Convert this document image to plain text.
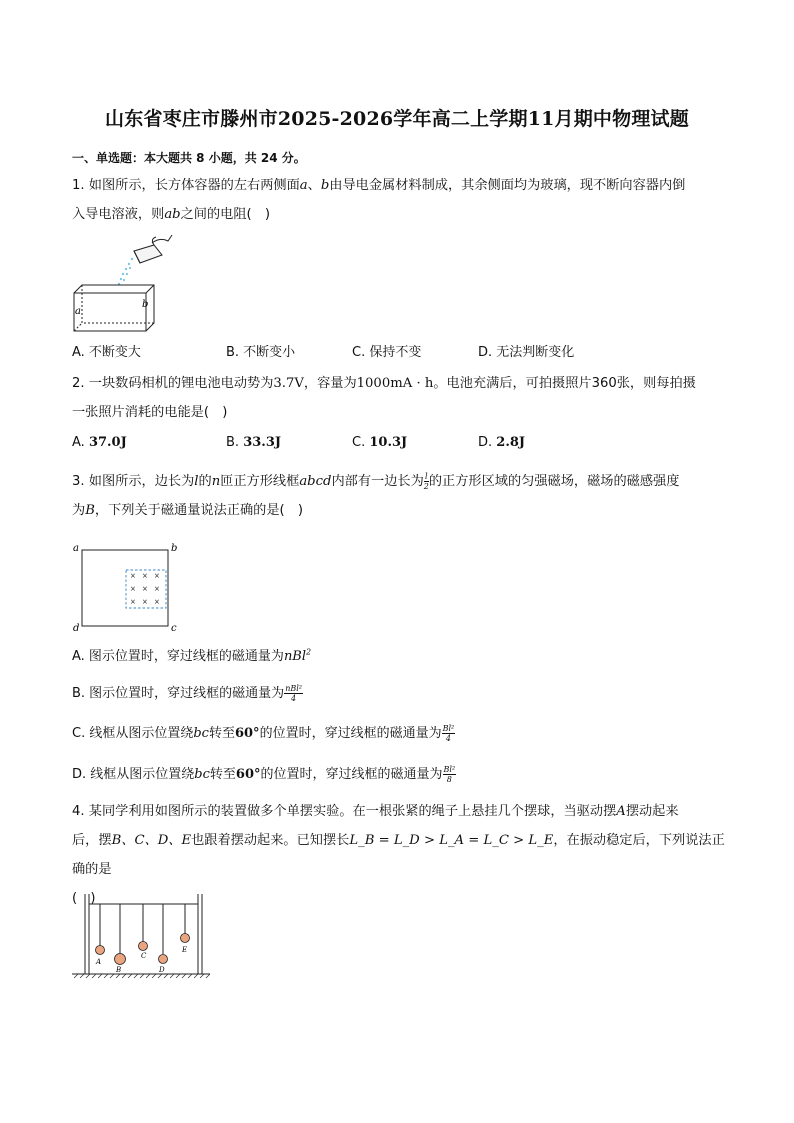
山东省枣庄市滕州市2025-2026学年高二上学期11月期中物理试题
一、单选题：本大题共 8 小题，共 24 分。
1. 如图所示，长方体容器的左右两侧面a、b由导电金属材料制成，其余侧面均为玻璃，现不断向容器内倒
入导电溶液，则ab之间的电阻(　)
a
b
A. 不断变大	B. 不断变小	C. 保持不变	D. 无法判断变化
2. 一块数码相机的锂电池电动势为3.7V，容量为1000mA · h。电池充满后，可拍摄照片360张，则每拍摄
一张照片消耗的电能是(　)
A. 37.0J	B. 33.3J	C. 10.3J	D. 2.8J
3. 如图所示，边长为l的n匝正方形线框abcd内部有一边长为 $\frac{l}{2}$ 的正方形区域的匀强磁场，磁场的磁感强度
为B，下列关于磁通量说法正确的是(　)
× × ×
× × ×
× × ×
a	b
c
d
A. 图示位置时，穿过线框的磁通量为nBl$^2$
B. 图示位置时，穿过线框的磁通量为 $\frac{\text{nBl²}}{4}$
C. 线框从图示位置绕bc转至60°的位置时，穿过线框的磁通量为 $\frac{\text{Bl²}}{4}$
D. 线框从图示位置绕bc转至60°的位置时，穿过线框的磁通量为 $\frac{\text{Bl²}}{8}$
4. 某同学利用如图所示的装置做多个单摆实验。在一根张紧的绳子上悬挂几个摆球，当驱动摆A摆动起来
后，摆B、C、D、E也跟着摆动起来。已知摆长L_B = L_D > L_A = L_C > L_E，在振动稳定后，下列说法正确的是
(　)
A
B
C
D
E
